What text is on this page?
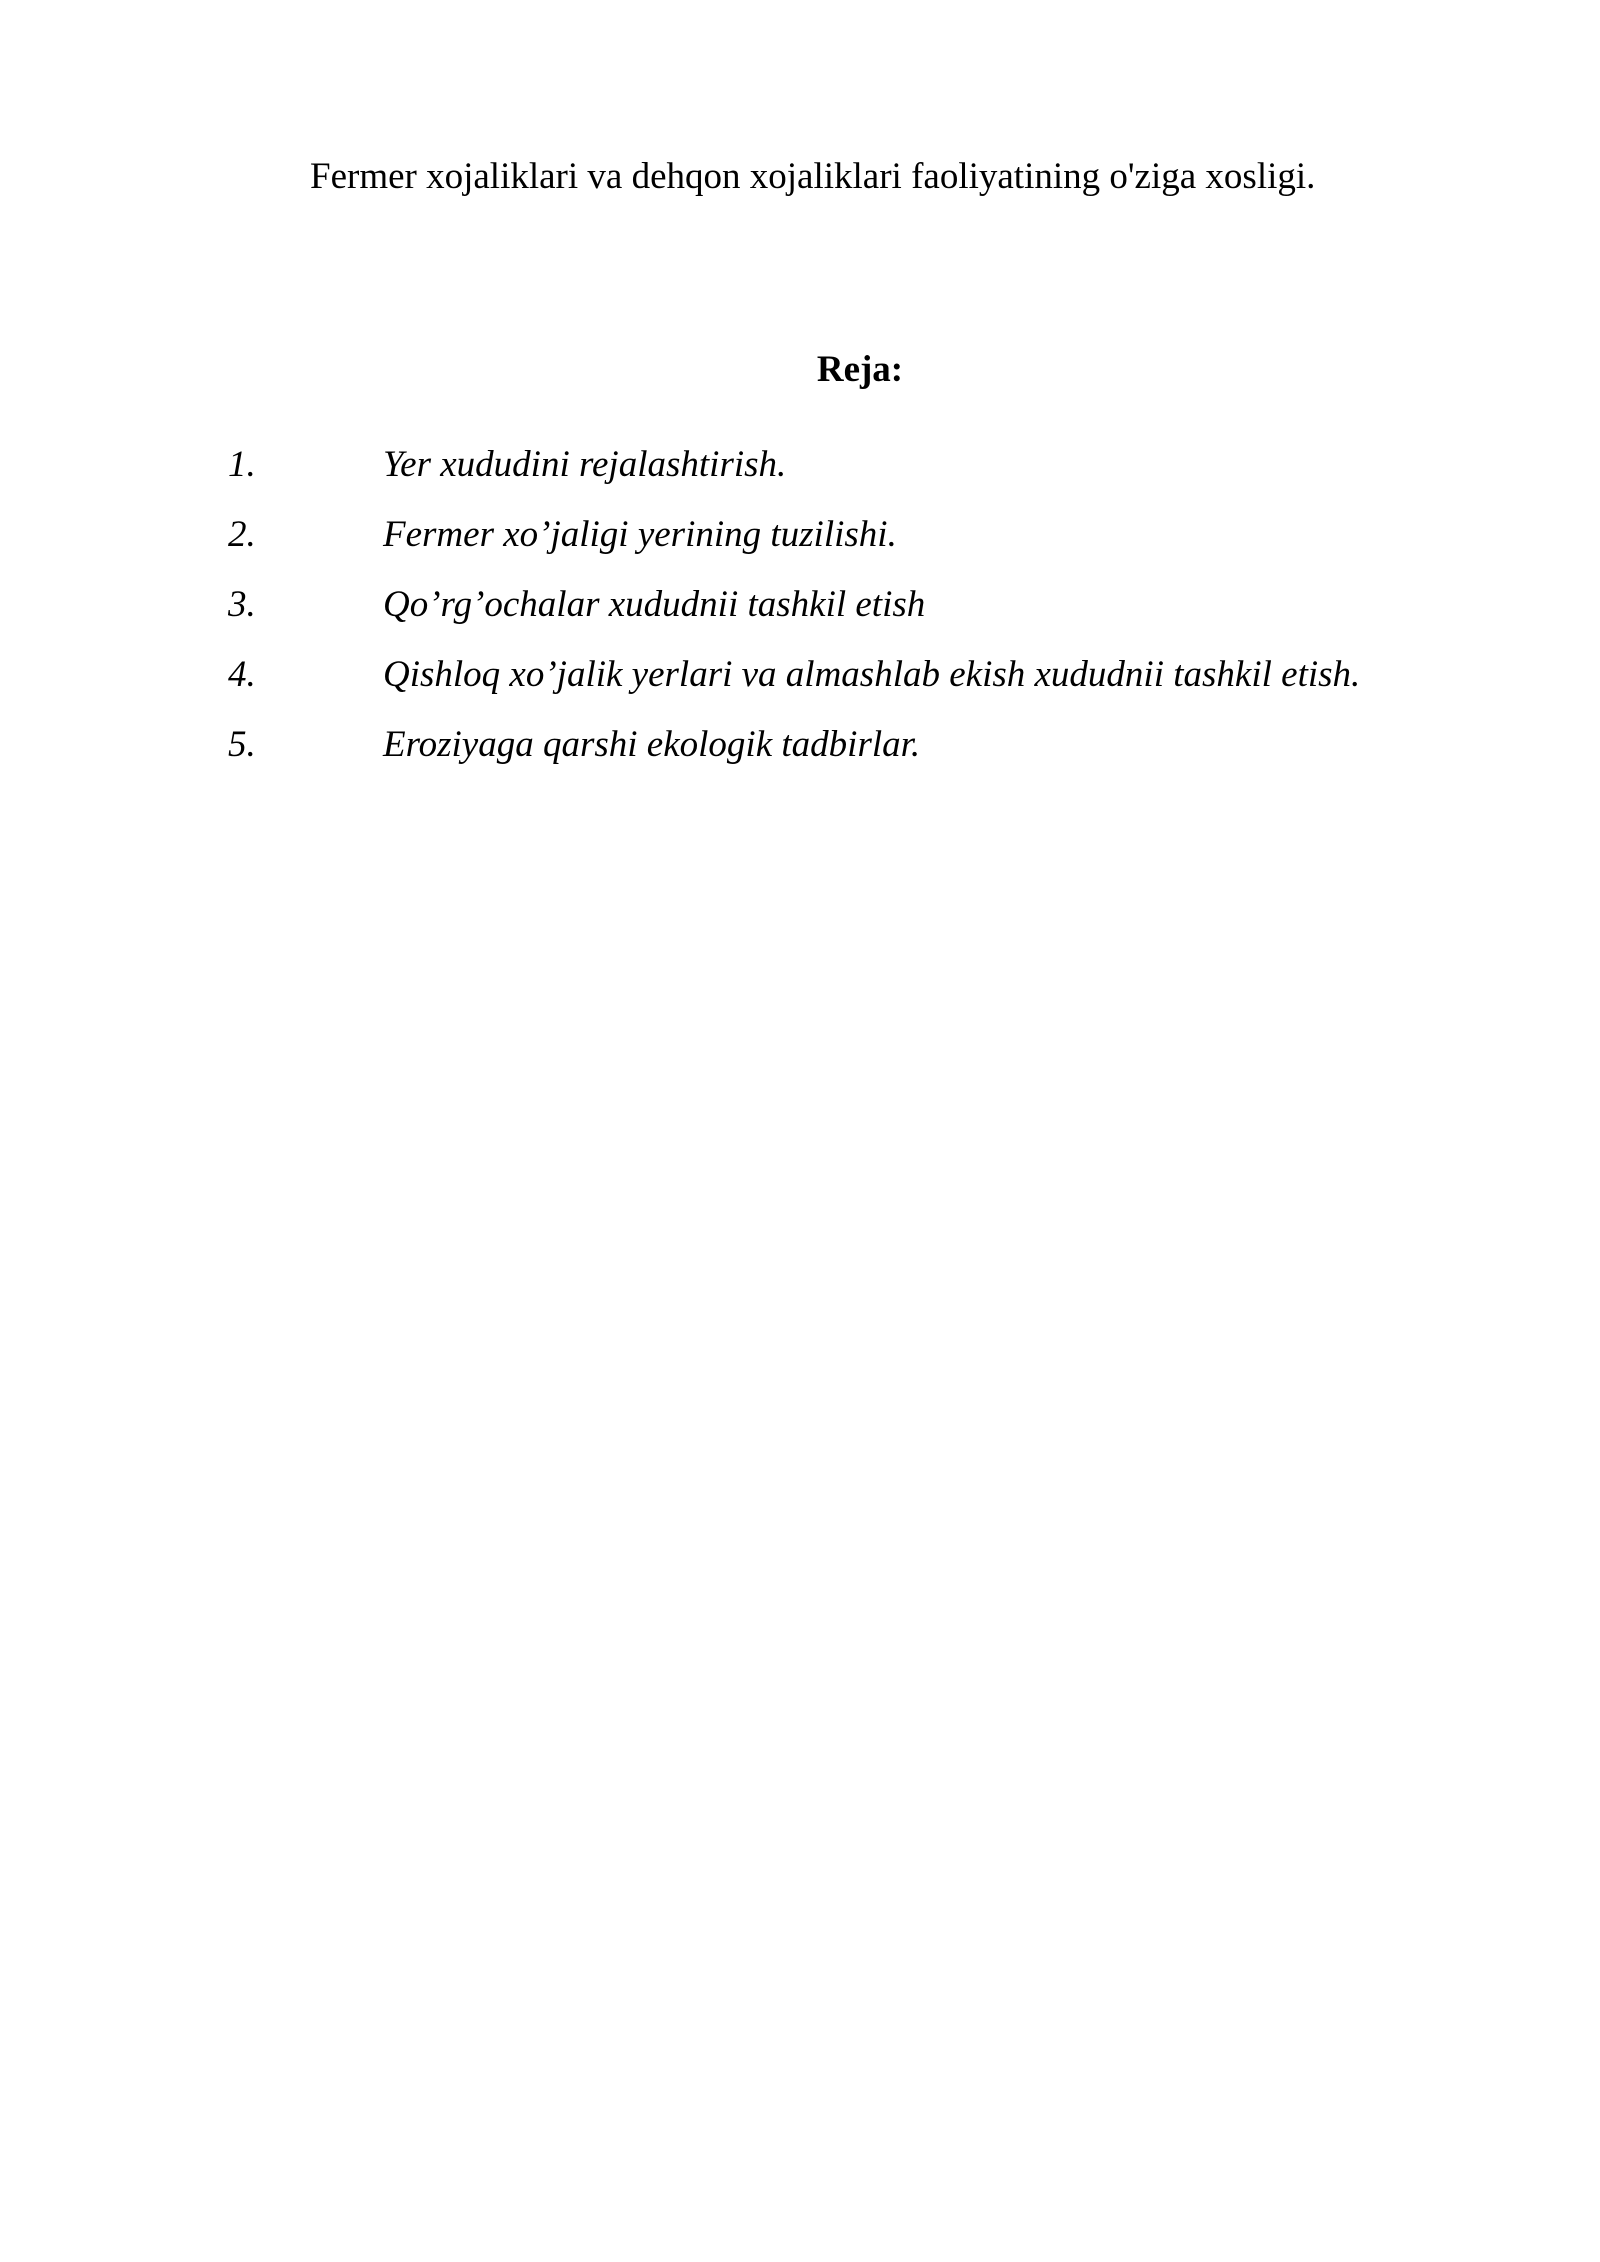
Fermer xojaliklari va dehqon xojaliklari faoliyatining o'ziga xosligi.

Reja:

1.	Yer xududini rejalashtirish.
2.	Fermer xo’jaligi yerining tuzilishi.
3.	Qo’rg’ochalar xududnii tashkil etish
4.	Qishloq xo’jalik yerlari va almashlab ekish xududnii tashkil etish.
5.	Eroziyaga qarshi ekologik tadbirlar.
